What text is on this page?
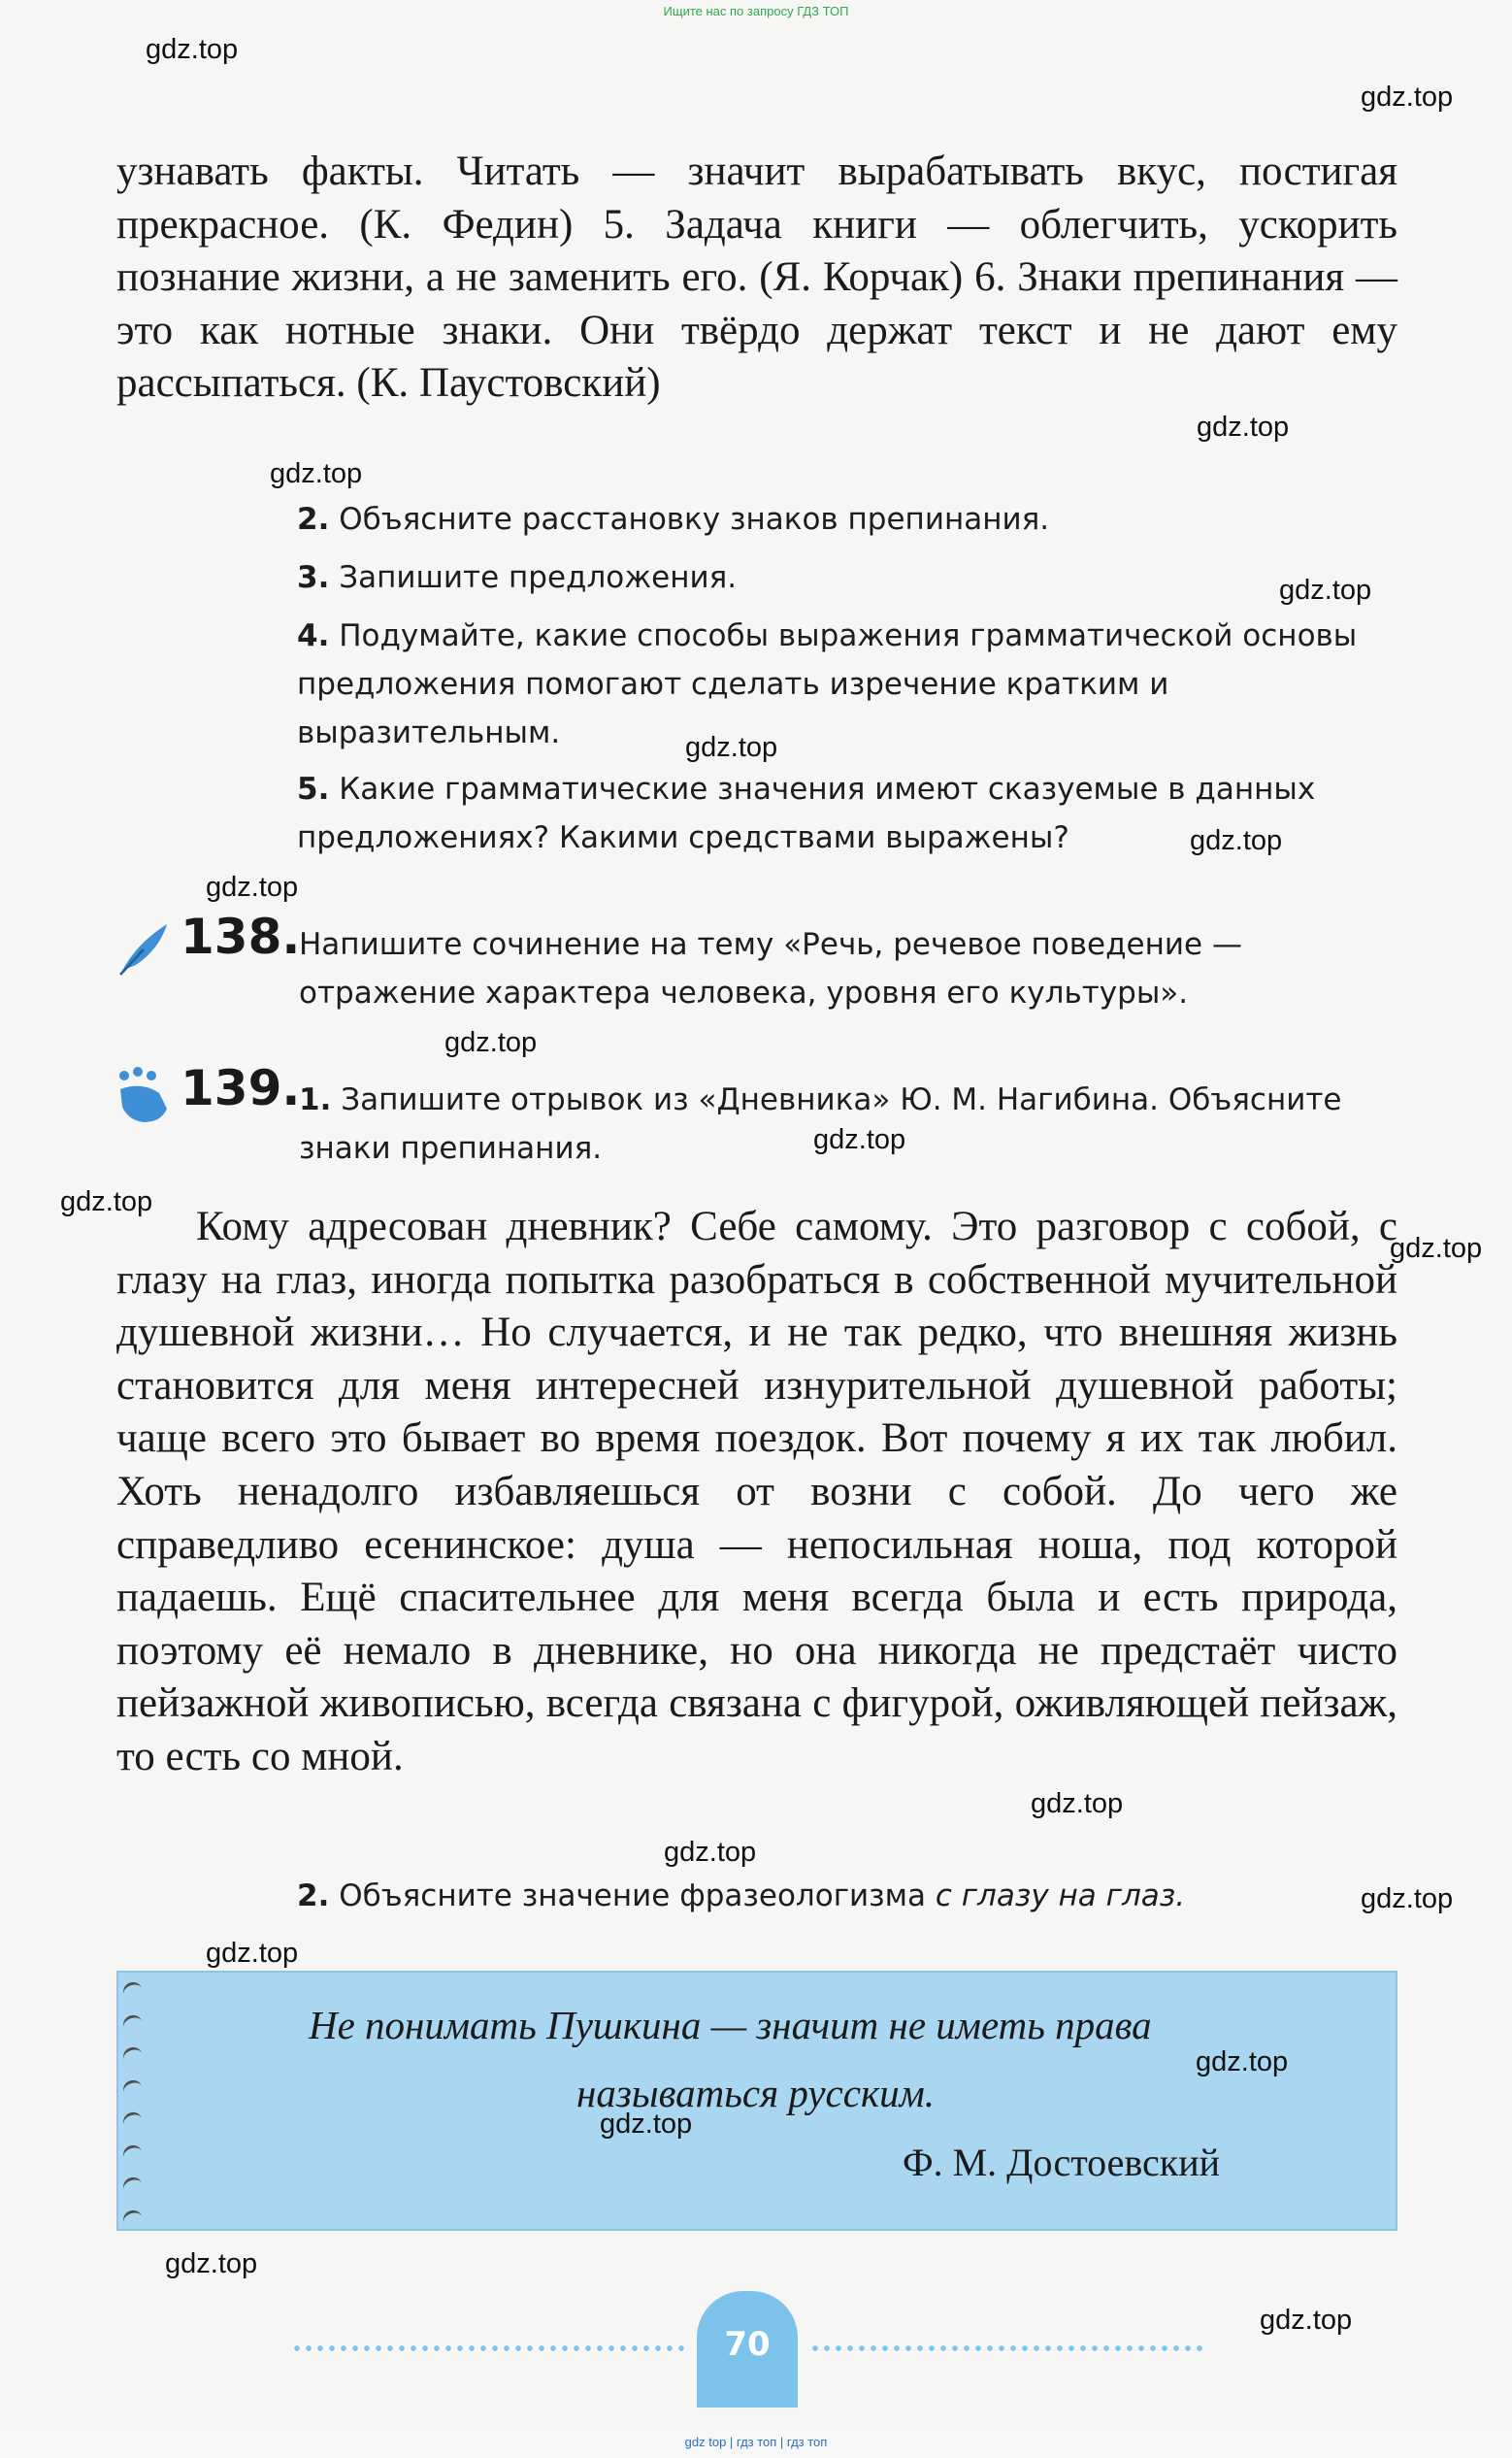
Ищите нас по запросу ГДЗ ТОП

узнавать факты. Читать — значит вырабатывать вкус, постигая прекрасное. (К. Федин) 5. Задача книги — облегчить, ускорить познание жизни, а не заменить его. (Я. Корчак) 6. Знаки препинания — это как нотные знаки. Они твёрдо держат текст и не дают ему рассыпаться. (К. Паустовский)

2. Объясните расстановку знаков препинания.
3. Запишите предложения.
4. Подумайте, какие способы выражения грамматической основы предложения помогают сделать изречение кратким и выразительным.
5. Какие грамматические значения имеют сказуемые в данных предложениях? Какими средствами выражены?
138.
Напишите сочинение на тему «Речь, речевое поведение — отражение характера человека, уровня его культуры».
139.
1. Запишите отрывок из «Дневника» Ю. М. Нагибина. Объясните знаки препинания.

Кому адресован дневник? Себе самому. Это разговор с собой, с глазу на глаз, иногда попытка разобраться в собственной мучительной душевной жизни… Но случается, и не так редко, что внешняя жизнь становится для меня интересней изнурительной душевной работы; чаще всего это бывает во время поездок. Вот почему я их так любил. Хоть ненадолго избавляешься от возни с собой. До чего же справедливо есенинское: душа — непосильная ноша, под которой падаешь. Ещё спасительнее для меня всегда была и есть природа, поэтому её немало в дневнике, но она никогда не предстаёт чисто пейзажной живописью, всегда связана с фигурой, оживляющей пейзаж, то есть со мной.

2. Объясните значение фразеологизма с глазу на глаз.
Не понимать Пушкина — значит не иметь права
называться русским.
Ф. М. Достоевский
70
gdz.top
gdz.top
gdz.top
gdz.top
gdz.top
gdz.top
gdz.top
gdz.top
gdz.top
gdz.top
gdz.top
gdz.top
gdz.top
gdz.top
gdz.top
gdz.top
gdz.top
gdz.top
gdz.top
gdz.top
gdz top | гдз топ | гдз топ
